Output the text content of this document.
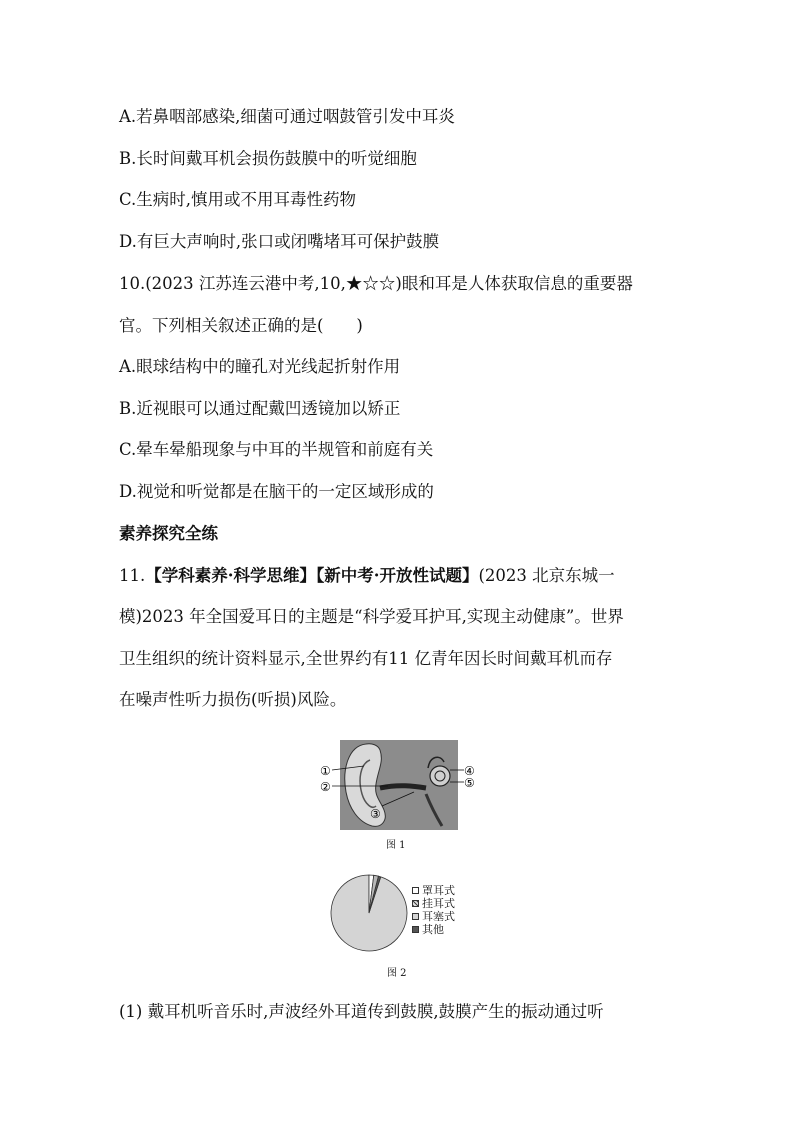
A.若鼻咽部感染,细菌可通过咽鼓管引发中耳炎
B.长时间戴耳机会损伤鼓膜中的听觉细胞
C.生病时,慎用或不用耳毒性药物
D.有巨大声响时,张口或闭嘴堵耳可保护鼓膜
10.(2023 江苏连云港中考,10,★☆☆)眼和耳是人体获取信息的重要器
官。下列相关叙述正确的是(　　)
A.眼球结构中的瞳孔对光线起折射作用
B.近视眼可以通过配戴凹透镜加以矫正
C.晕车晕船现象与中耳的半规管和前庭有关
D.视觉和听觉都是在脑干的一定区域形成的
素养探究全练
11.【学科素养·科学思维】【新中考·开放性试题】(2023 北京东城一
模)2023 年全国爱耳日的主题是“科学爱耳护耳,实现主动健康”。世界
卫生组织的统计资料显示,全世界约有11 亿青年因长时间戴耳机而存
在噪声性听力损伤(听损)风险。
①
②
③
④
⑤
图 1
罩耳式
挂耳式
耳塞式
其他
图 2
(1) 戴耳机听音乐时,声波经外耳道传到鼓膜,鼓膜产生的振动通过听
